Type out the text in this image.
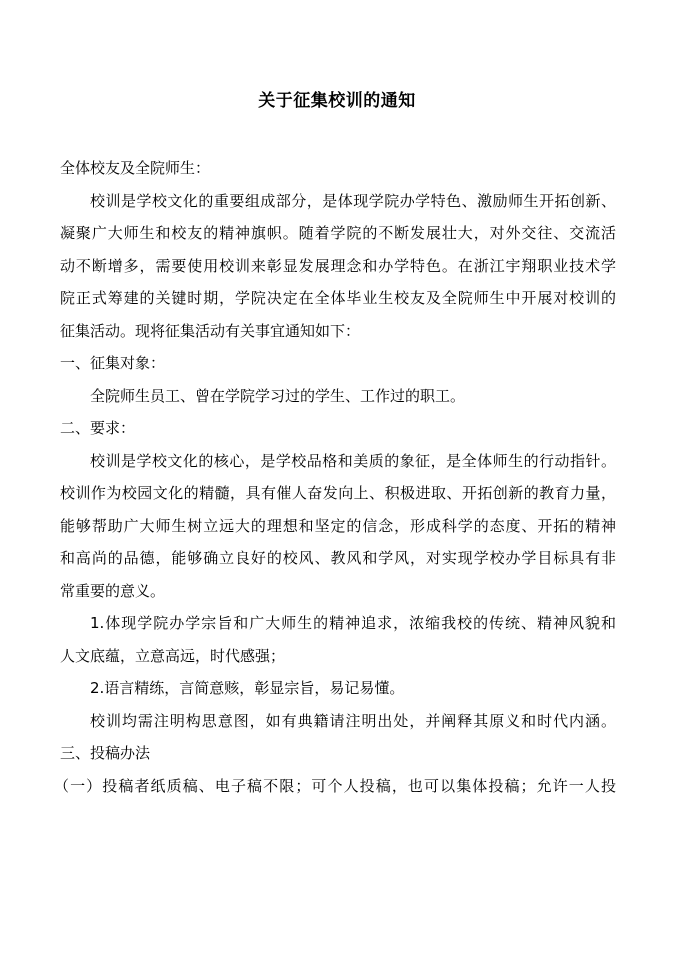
关于征集校训的通知
全体校友及全院师生：
校训是学校文化的重要组成部分，是体现学院办学特色、激励师生开拓创新、
凝聚广大师生和校友的精神旗帜。随着学院的不断发展壮大，对外交往、交流活
动不断增多，需要使用校训来彰显发展理念和办学特色。在浙江宇翔职业技术学
院正式筹建的关键时期，学院决定在全体毕业生校友及全院师生中开展对校训的
征集活动。现将征集活动有关事宜通知如下：
一、征集对象：
全院师生员工、曾在学院学习过的学生、工作过的职工。
二、要求：
校训是学校文化的核心，是学校品格和美质的象征，是全体师生的行动指针。
校训作为校园文化的精髓，具有催人奋发向上、积极进取、开拓创新的教育力量，
能够帮助广大师生树立远大的理想和坚定的信念，形成科学的态度、开拓的精神
和高尚的品德，能够确立良好的校风、教风和学风，对实现学校办学目标具有非
常重要的意义。
1.体现学院办学宗旨和广大师生的精神追求，浓缩我校的传统、精神风貌和
人文底蕴，立意高远，时代感强；
2.语言精练，言简意赅，彰显宗旨，易记易懂。
校训均需注明构思意图，如有典籍请注明出处，并阐释其原义和时代内涵。
三、投稿办法
（一）投稿者纸质稿、电子稿不限；可个人投稿，也可以集体投稿；允许一人投
